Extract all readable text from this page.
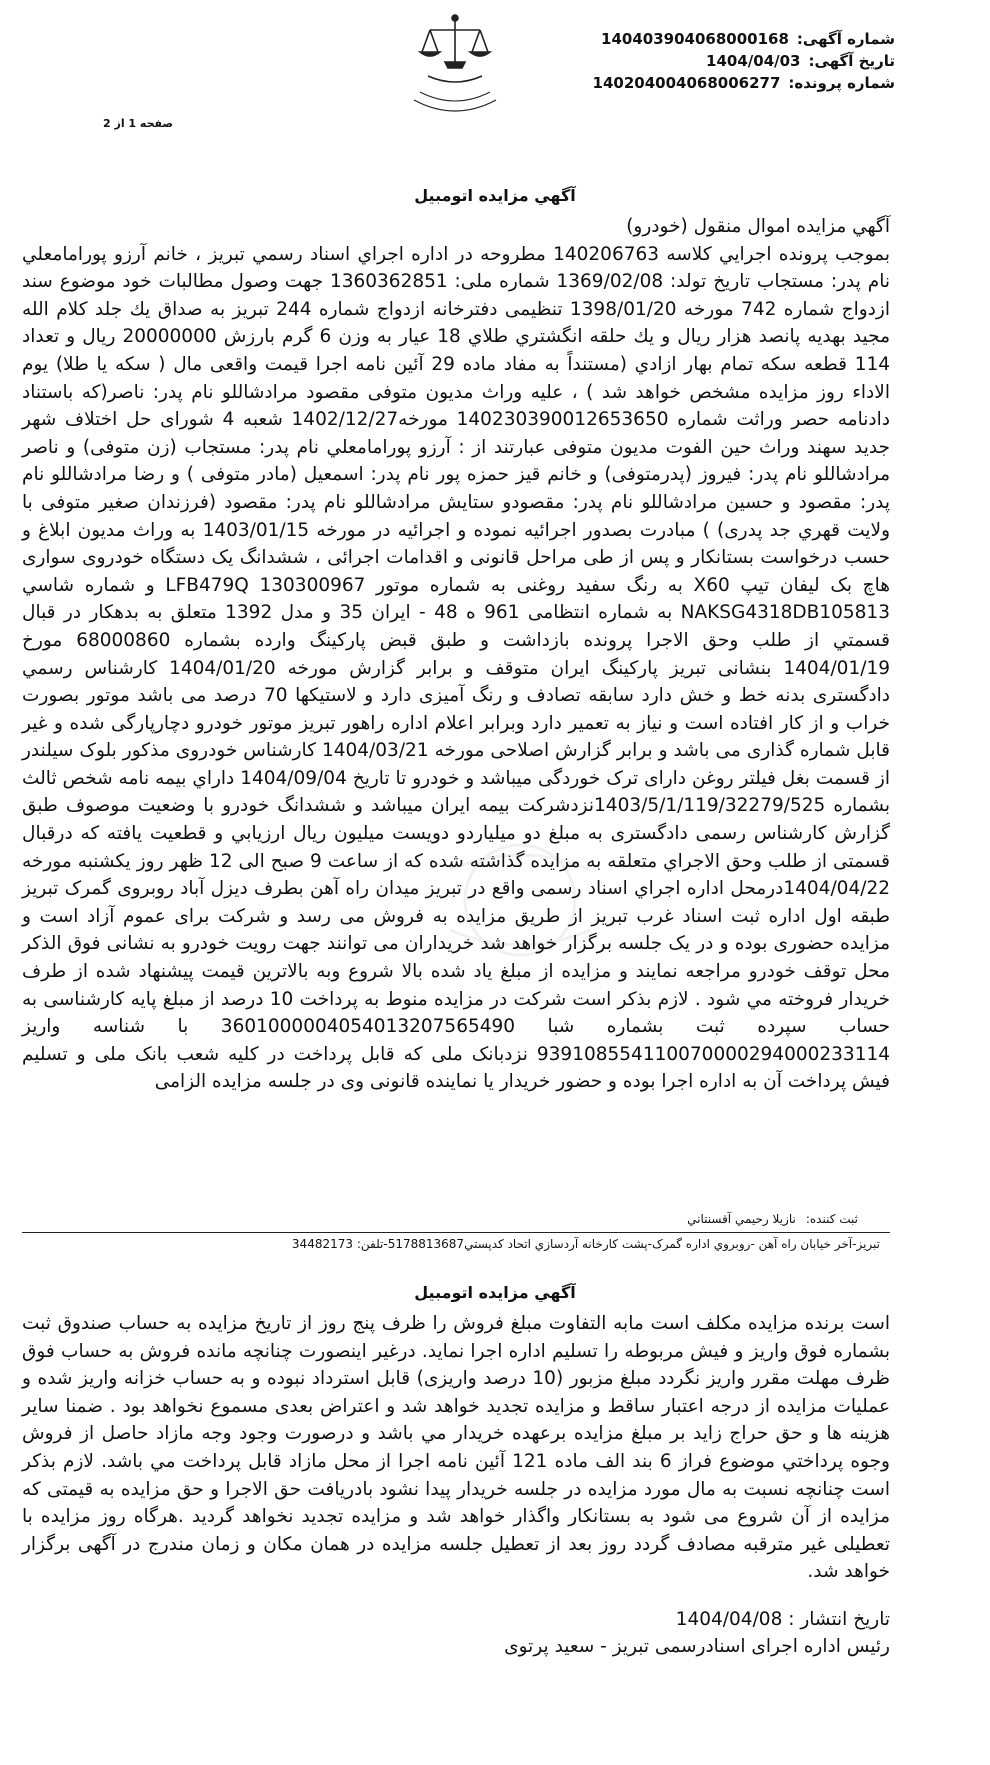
شماره آگهی:
140403904068000168
تاریخ آگهی:
1404/04/03
شماره پرونده:
140204004068006277
صفحه 1 از 2
آگهي مزايده اتومبيل
آگهي مزايده اموال منقول (خودرو)
بموجب پرونده اجرايي كلاسه 140206763 مطروحه در اداره اجراي اسناد رسمي تبريز ، خانم آرزو پورامامعلي نام پدر: مستجاب تاريخ تولد: 1369/02/08 شماره ملی: 1360362851 جهت وصول مطالبات خود موضوع سند ازدواج شماره 742 مورخه 1398/01/20 تنظيمی دفترخانه ازدواج شماره 244 تبريز به صداق يك جلد كلام الله مجيد بهديه پانصد هزار ريال و يك حلقه انگشتري طلاي 18 عيار به وزن 6 گرم بارزش 20000000 ريال و تعداد 114 قطعه سكه تمام بهار ازادي (مستنداً به مفاد ماده 29 آئين نامه اجرا قيمت واقعی مال ( سكه يا طلا) يوم الاداء روز مزايده مشخص خواهد شد ) ، عليه وراث مديون متوفی مقصود مرادشاللو نام پدر: ناصر(كه باستناد دادنامه حصر وراثت شماره 140230390012653650 مورخه1402/12/27 شعبه 4 شورای حل اختلاف شهر جديد سهند وراث حين الفوت مديون متوفی عبارتند از : آرزو پورامامعلي نام پدر: مستجاب (زن متوفی) و ناصر مرادشاللو نام پدر: فيروز (پدرمتوفی) و خانم قيز حمزه پور نام پدر: اسمعيل (مادر متوفی ) و رضا مرادشاللو نام پدر: مقصود و حسين مرادشاللو نام پدر: مقصودو ستايش مرادشاللو نام پدر: مقصود (فرزندان صغير متوفی با ولايت قهري جد پدری) ) مبادرت بصدور اجرائيه نموده و اجرائيه در مورخه 1403/01/15 به وراث مديون ابلاغ و حسب درخواست بستانكار و پس از طی مراحل قانونی و اقدامات اجرائی ، ششدانگ يک دستگاه خودروی سواری هاچ بک ليفان تيپ X60 به رنگ سفيد روغنی به شماره موتور LFB479Q 130300967 و شماره شاسي NAKSG4318DB105813 به شماره انتظامی 961 ه 48 - ايران 35 و مدل 1392 متعلق به بدهكار در قبال قسمتي از طلب وحق الاجرا پرونده بازداشت و طبق قبض پاركينگ وارده بشماره 68000860 مورخ 1404/01/19 بنشانی تبريز پاركينگ ايران متوقف و برابر گزارش مورخه 1404/01/20 كارشناس رسمي دادگستری بدنه خط و خش دارد سابقه تصادف و رنگ آميزی دارد و لاستيكها 70 درصد می باشد موتور بصورت خراب و از كار افتاده است و نياز به تعمير دارد وبرابر اعلام اداره راهور تبريز موتور خودرو دچارپارگی شده و غير قابل شماره گذاری می باشد و برابر گزارش اصلاحی مورخه 1404/03/21 كارشناس خودروی مذكور بلوک سيلندر از قسمت بغل فيلتر روغن دارای ترک خوردگی ميباشد و خودرو تا تاريخ 1404/09/04 داراي بيمه نامه شخص ثالث بشماره 1403/5/1/119/32279/525نزدشركت بيمه ايران ميباشد و ششدانگ خودرو با وضعيت موصوف طبق گزارش كارشناس رسمی دادگستری به مبلغ دو ميلياردو دويست ميليون ريال ارزيابي و قطعيت يافته كه درقبال قسمتی از طلب وحق الاجراي متعلقه به مزايده گذاشته شده كه از ساعت 9 صبح الی 12 ظهر روز يكشنبه مورخه 1404/04/22درمحل اداره اجراي اسناد رسمی واقع در تبريز ميدان راه آهن بطرف ديزل آباد روبروی گمرک تبريز طبقه اول اداره ثبت اسناد غرب تبريز از طريق مزايده به فروش می رسد و شركت برای عموم آزاد است و مزايده حضوری بوده و در يک جلسه برگزار خواهد شد خريداران می توانند جهت رويت خودرو به نشانی فوق الذكر محل توقف خودرو مراجعه نمايند و مزايده از مبلغ ياد شده بالا شروع وبه بالاترين قيمت پيشنهاد شده از طرف خريدار فروخته مي شود . لازم بذكر است شركت در مزايده منوط به پرداخت 10 درصد از مبلغ پايه كارشناسی به حساب سپرده ثبت بشماره شبا 360100000405401320756549​0 با شناسه واريز 939108554110070000294000233114 نزدبانک ملی كه قابل پرداخت در كليه شعب بانک ملی و تسليم فيش پرداخت آن به اداره اجرا بوده و حضور خريدار يا نماينده قانونی وی در جلسه مزايده الزامی
ثبت كننده:
نازيلا رحيمي آقسنتاني
تبريز-آخر خيابان راه آهن -روبروي اداره گمرک-پشت كارخانه آردسازي اتحاد كدپستي5178813687-تلفن: 34482173
آگهي مزايده اتومبيل
است برنده مزايده مكلف است مابه التفاوت مبلغ فروش را ظرف پنج روز از تاريخ مزايده به حساب صندوق ثبت بشماره فوق واريز و فيش مربوطه را تسليم اداره اجرا نمايد. درغير اينصورت چنانچه مانده فروش به حساب فوق ظرف مهلت مقرر واريز نگردد مبلغ مزبور (10 درصد واريزی) قابل استرداد نبوده و به حساب خزانه واريز شده و عمليات مزايده از درجه اعتبار ساقط و مزايده تجديد خواهد شد و اعتراض بعدی مسموع نخواهد بود . ضمنا ساير هزينه ها و حق حراج زايد بر مبلغ مزايده برعهده خريدار مي باشد و درصورت وجود وجه مازاد حاصل از فروش وجوه پرداختي موضوع فراز 6 بند الف ماده 121 آئين نامه اجرا از محل مازاد قابل پرداخت مي باشد. لازم بذكر است چنانچه نسبت به مال مورد مزايده در جلسه خريدار پيدا نشود بادريافت حق الاجرا و حق مزايده به قيمتی كه مزايده از آن شروع می شود به بستانكار واگذار خواهد شد و مزايده تجديد نخواهد گرديد .هرگاه روز مزايده با تعطيلی غير مترقبه مصادف گردد روز بعد از تعطيل جلسه مزايده در همان مكان و زمان مندرج در آگهی برگزار خواهد شد.
تاريخ انتشار : 1404/04/08
رئيس اداره اجرای اسنادرسمی تبريز - سعيد پرتوی
